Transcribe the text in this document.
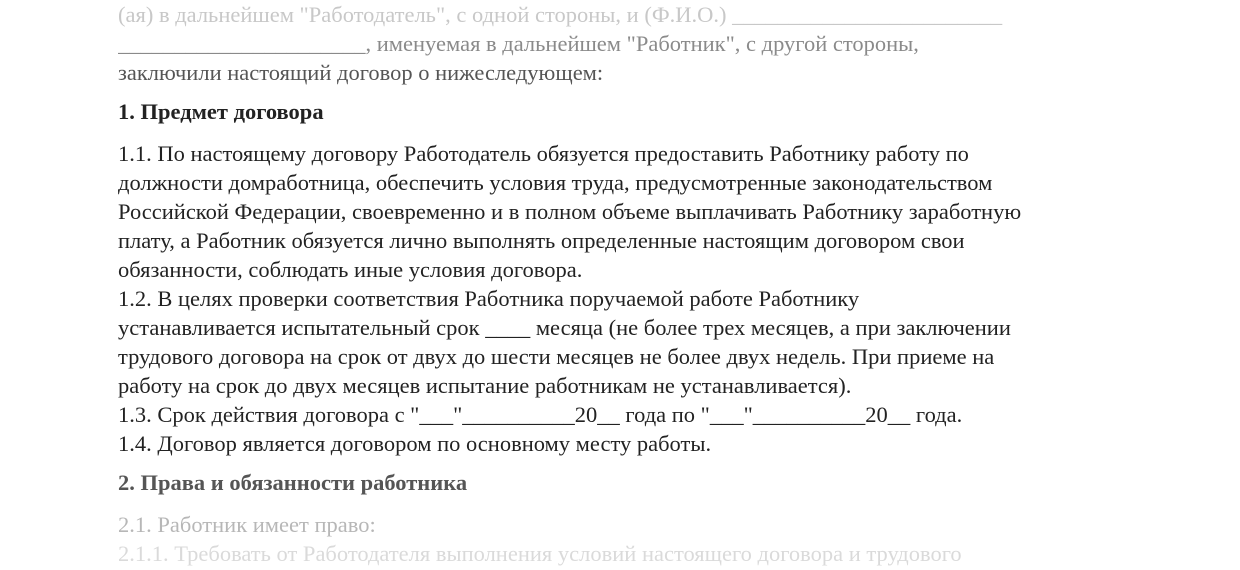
(ая) в дальнейшем "Работодатель", с одной стороны, и (Ф.И.О.) ________________________
______________________, именуемая в дальнейшем "Работник", с другой стороны,
заключили настоящий договор о нижеследующем:
1. Предмет договора
1.1. По настоящему договору Работодатель обязуется предоставить Работнику работу по
должности домработница, обеспечить условия труда, предусмотренные законодательством
Российской Федерации, своевременно и в полном объеме выплачивать Работнику заработную
плату, а Работник обязуется лично выполнять определенные настоящим договором свои
обязанности, соблюдать иные условия договора.
1.2. В целях проверки соответствия Работника поручаемой работе Работнику
устанавливается испытательный срок ____ месяца (не более трех месяцев, а при заключении
трудового договора на срок от двух до шести месяцев не более двух недель. При приеме на
работу на срок до двух месяцев испытание работникам не устанавливается).
1.3. Срок действия договора с "___"__________20__ года по "___"__________20__ года.
1.4. Договор является договором по основному месту работы.
2. Права и обязанности работника
2.1. Работник имеет право:
2.1.1. Требовать от Работодателя выполнения условий настоящего договора и трудового
